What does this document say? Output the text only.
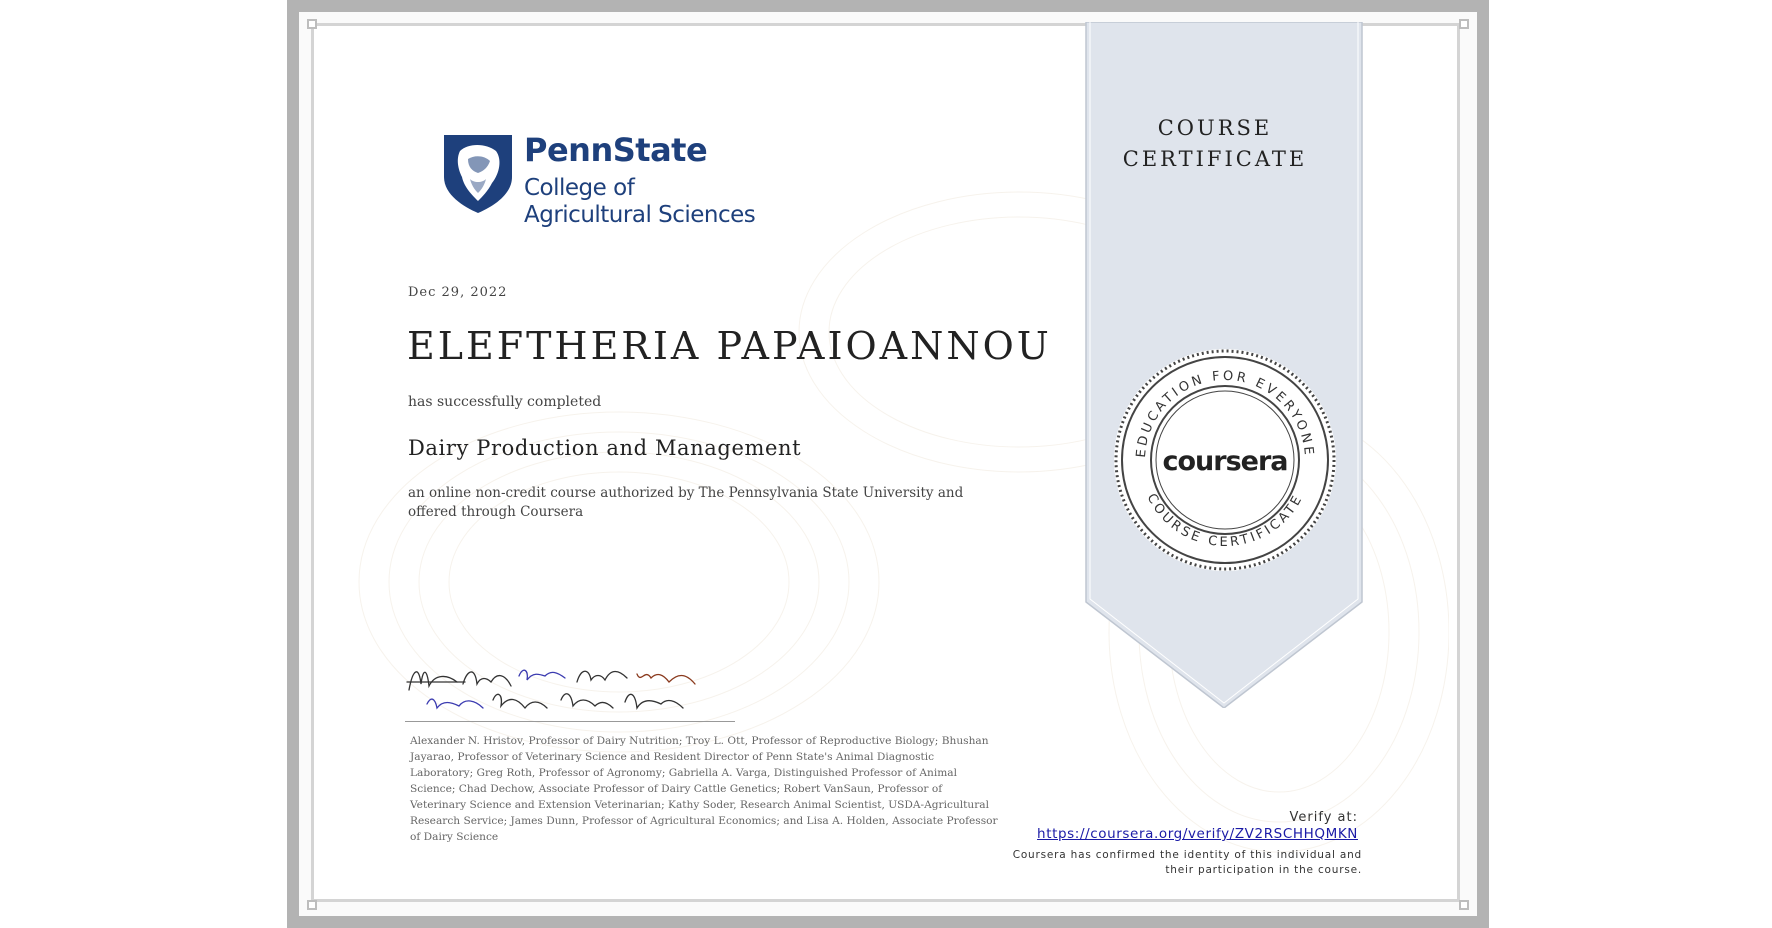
COURSE
CERTIFICATE
EDUCATION FOR EVERYONE
COURSE CERTIFICATE
coursera
PennState
College of
Agricultural Sciences
Dec 29, 2022
ELEFTHERIA PAPAIOANNOU
has successfully completed
Dairy Production and Management
an online non-credit course authorized by The Pennsylvania State University and offered through Coursera
Alexander N. Hristov, Professor of Dairy Nutrition; Troy L. Ott, Professor of Reproductive Biology; Bhushan Jayarao, Professor of Veterinary Science and Resident Director of Penn State's Animal Diagnostic Laboratory; Greg Roth, Professor of Agronomy; Gabriella A. Varga, Distinguished Professor of Animal Science; Chad Dechow, Associate Professor of Dairy Cattle Genetics; Robert VanSaun, Professor of Veterinary Science and Extension Veterinarian; Kathy Soder, Research Animal Scientist, USDA-Agricultural Research Service; James Dunn, Professor of Agricultural Economics; and Lisa A. Holden, Associate Professor of Dairy Science
Verify at:
https://coursera.org/verify/ZV2RSCHHQMKN
Coursera has confirmed the identity of this individual and
their participation in the course.
